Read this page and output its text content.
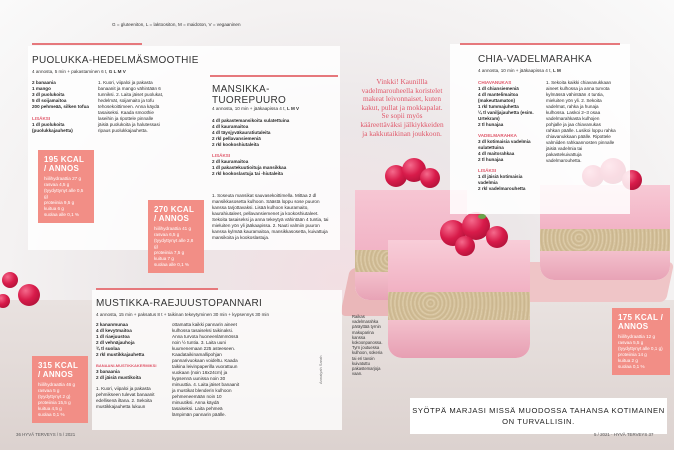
G = gluteeniton, L = laktoositon, M = maidoton, V = vegaaninen
PUOLUKKA-HEDELMÄSMOOTHIE
4 annosta, 5 min + pakastaminen 6 t, G L M V
2 banaania
1 mango
3 dl puolukoita
5 dl soijamaitoa
200 pehmeää, silken tofua
LISÄKSI
1 dl puolukoita (puolukkajauhetta)
1. Kuori, viipaloi ja pakasta banaanit ja mango vähintään 6 tunniksi. 2. Laita jäiset puolukat, hedelmät, soijamaito ja tofu tehosekoittimeen. Anna käydä tasaiseksi. Kaada smoothie laseihin ja ripottele pinnalle jäisiä puolukoita ja halutessasi ripaus puolukkajauhetta.
195 KCAL / ANNOS
hiilihydraattia 27 g
rasvaa 4,5 g
(tyydyttynyt alle 0,5 g)
proteiinia 9,5 g
kuitua 6 g
suolaa alle 0,1 %
MANSIKKA-TUOREPUURO
4 annosta, 10 min + jääkaapissa 4 t, L M V
4 dl pakastemansikoita sulatettuina
4 dl kauramaitoa
4 dl täysjyväkauratiutaleita
2 rkl pellavansiemeniä
2 rkl kookoshiutaleita
LISÄKSI
2 dl kauramaitoa
1 dl pakastekuutioituja mansikkaa
2 rkl kookoslastuja tai -hiutaleita
1. Soseuta mansikat sauvasekoittimella. Mittaa 2 dl mansikkasosetta kulhoon. Säästä loppu sose puuron kanssa tarjottavaksi. Lisää kulhoon kauramaito, kaurahiutaleet, pellavansiemenet ja kookoshiutaleet. Sekoita tasaiseksi ja anna tekeytyä vähintään 4 tuntia, tai mieluiten yön yli jääkaapissa. 2. Nauti valmiin puuron kanssa kylmää kauramaitoa, mansikkasosetta, kuivattuja mansikoita ja kookoslastuja.
270 KCAL / ANNOS
hiilihydraattia 41 g
rasvaa 6,5 g
(tyydyttynyt alle 2,8 g)
proteiinia 7,5 g
kuitua 7 g
suolaa alle 0,1 %
Vinkki! Kaunillla vadelmarouheella koristelet makeat leivonnaiset, kuten kakut, pullat ja mokkapalat. Se sopii myös kääreettäväksi jälkiykkeiden ja kakkutaikinan joukkoon.
MUSTIKKA-RAEJUUSTOPANNARI
4 annosta, 15 min + paksatus 8 t + taikinan tekeytyminen 30 min + kypsennys 30 min
2 kananmunaa
4 dl kevytmaitoa
1 dl riaejuustoa
2 dl vehnäjauhoja
¾ tl suolaa
2 rkl mustikkajauhetta
BANAANI-MUSTIKKAKERMIKSI
3 banaania
2 dl jäisiä mustikoita
1. Kuori, viipaloi ja pakasta pehmikseen tulevat banaanit edellisenä iltana. 2. Sekoita mustikkajauhetta lukuun
ottamatta kaikki pannarin aineet kulhossa tasaiseksi taikinaksi. Anna turvota huoneenlämmössä noin ½ tuntia. 3. Laita uuni kuumenemaan 225 asteeseen. Kaadataikinamallipohjan pannarivuokaan voideltu. Kaada taikina leivinpaperilla vuorattuun vuokaan (noin 16x24cm) ja kypsennä uunissa noin 30 minuuttia. 4. Laita jäiset banaanit ja mustikat blenderin kulhoon pehmeneemään noin 10 minuutiksi. Anna käydä tasaiseksi. Laita pehmeä lämpimän pannarin päälle.
315 KCAL / ANNOS
hiilihydraattia 46 g
rasvaa 5 g
(tyydyttynyt 2 g)
proteiinia 15,5 g
kuitua 4,5 g
suolaa 0,1 %
CHIA-VADELMARAHKA
4 annosta, 10 min + jääkaapissa 4 t, L M
CHIAVANUKAS
1 dl chiansiemeniä
4 dl mantelimaitoa (makeuttamaton)
1 rkl tummajuhetta
¼ tl vaniljajauhetta (esim. Urtekram)
2 tl hunajaa
VADELMARAHKA
3 dl kotimaisia vadelmia sulatettuina
4 dl maitorahkaa
2 tl hunajaa
LISÄKSI
1 dl jäisiä kotimaisia vadelmia
2 rkl vadelmarouhetta
1. Sekoita kaikki chiavanukkaan aineet kulhossa ja anna turvota kylmässä vähintään 4 tuntia, mieluiten yön yli. 2. Sekoita vadelmat, rahka ja hunaja kulhossa. Laskoi 2–3 osaa vadelmarahkasta kulhojen pohjalle ja jaa chiavanukas rahkan päälle. Lusikoi loppu rahka chiavanukkaan päälle. Ripottele valmiiden rahkaannosten pinnalle jäisiä vadelmia tai pakastekuivattuja vadelmarouhetta.
175 KCAL / ANNOS
hiilihydraattia 12 g
rasvaa 5,5 g
(tyydyttynyt alle 0,1 g)
proteiinia 14 g
kuitua 2 g
suolaa 0,1 %
Annaiyah Sarah
Raikas vadelmarahka päräyttää tyrnin makuparina kanssa kokoonpanossa. Tyrn joutuessa kulhoon, sokeria tai eri tavoin kuivatuttu pakastemarjoja vaan.
SYÖTPÄ MARJASI MISSÄ MUODOSSA TAHANSA KOTIMAINEN ON TURVALLISIN.
36 HYVÄ TERVEYS / 5 / 2021	5 / 2021 · HYVÄ TERVEYS 37
